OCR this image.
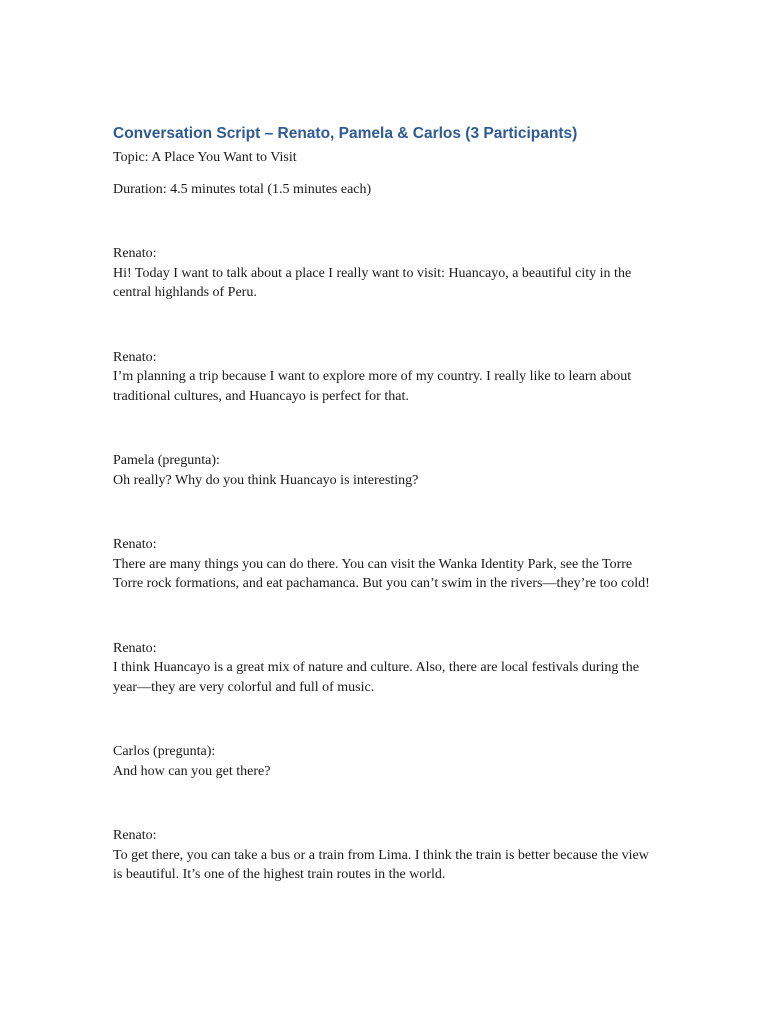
Conversation Script – Renato, Pamela & Carlos (3 Participants)

Topic: A Place You Want to Visit

Duration: 4.5 minutes total (1.5 minutes each)

Renato:
Hi! Today I want to talk about a place I really want to visit: Huancayo, a beautiful city in the central highlands of Peru.
Renato:
I’m planning a trip because I want to explore more of my country. I really like to learn about traditional cultures, and Huancayo is perfect for that.
Pamela (pregunta):
Oh really? Why do you think Huancayo is interesting?
Renato:
There are many things you can do there. You can visit the Wanka Identity Park, see the Torre Torre rock formations, and eat pachamanca. But you can’t swim in the rivers—they’re too cold!
Renato:
I think Huancayo is a great mix of nature and culture. Also, there are local festivals during the year—they are very colorful and full of music.
Carlos (pregunta):
And how can you get there?
Renato:
To get there, you can take a bus or a train from Lima. I think the train is better because the view is beautiful. It’s one of the highest train routes in the world.
